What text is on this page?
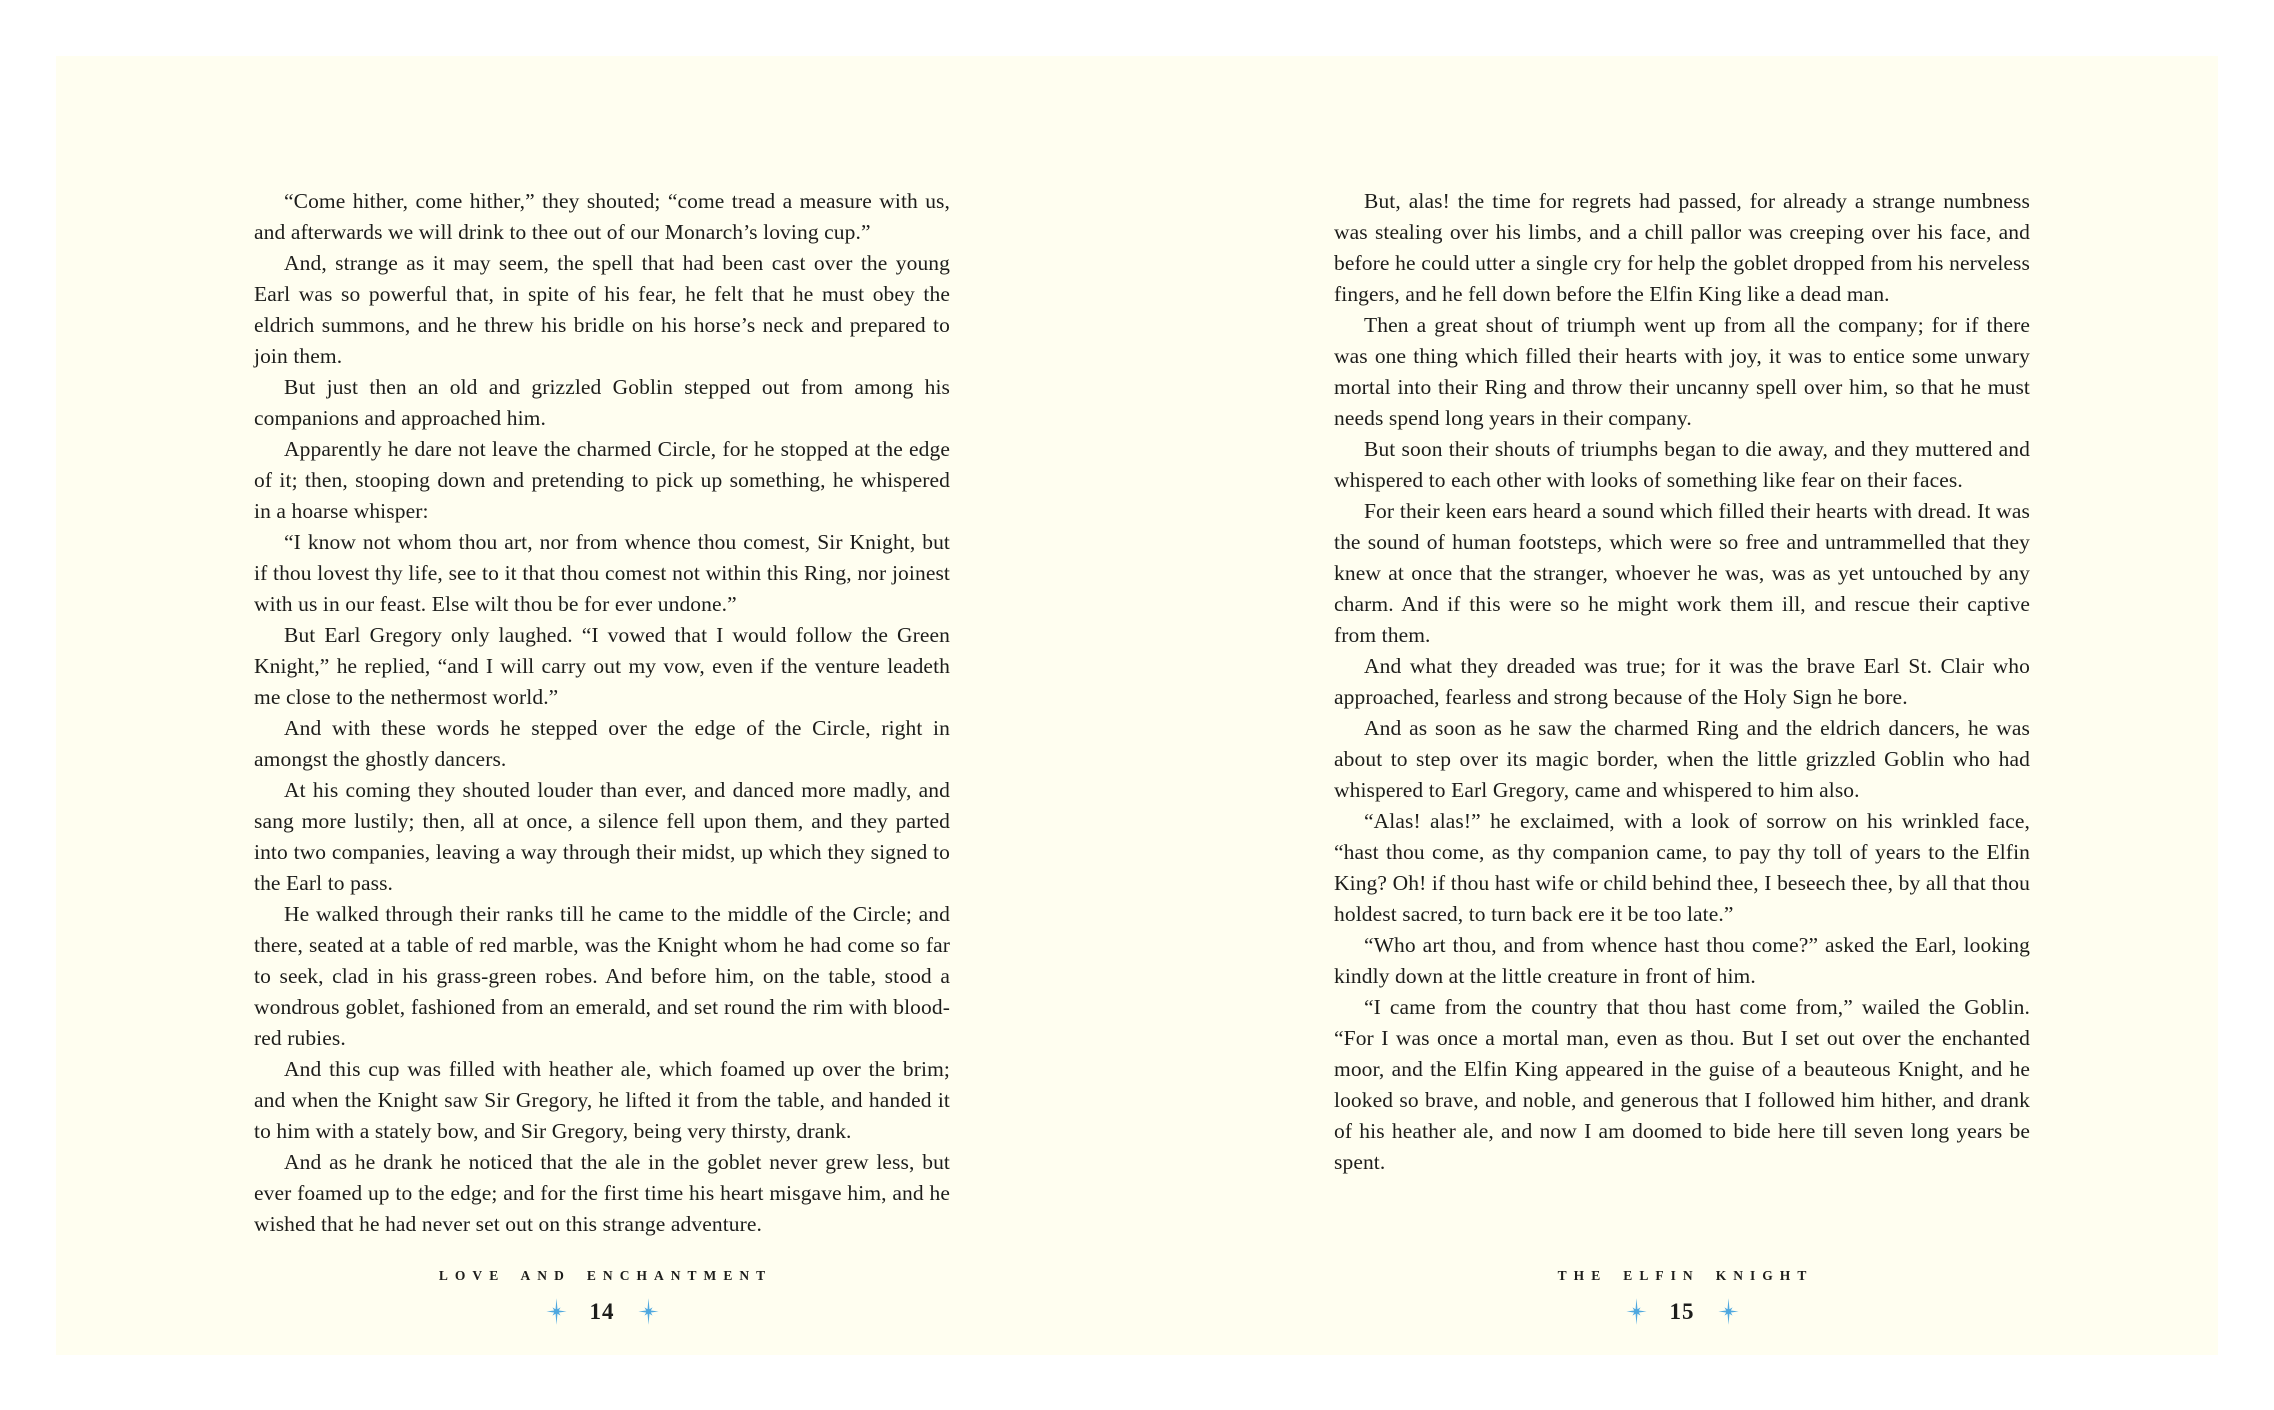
“Come hither, come hither,” they shouted; “come tread a measure with us, and afterwards we will drink to thee out of our Monarch’s loving cup.”

And, strange as it may seem, the spell that had been cast over the young Earl was so powerful that, in spite of his fear, he felt that he must obey the eldrich summons, and he threw his bridle on his horse’s neck and prepared to join them.

But just then an old and grizzled Goblin stepped out from among his companions and approached him.

Apparently he dare not leave the charmed Circle, for he stopped at the edge of it; then, stooping down and pretending to pick up something, he whispered in a hoarse whisper:

“I know not whom thou art, nor from whence thou comest, Sir Knight, but if thou lovest thy life, see to it that thou comest not within this Ring, nor joinest with us in our feast. Else wilt thou be for ever undone.”

But Earl Gregory only laughed. “I vowed that I would follow the Green Knight,” he replied, “and I will carry out my vow, even if the venture leadeth me close to the nethermost world.”

And with these words he stepped over the edge of the Circle, right in amongst the ghostly dancers.

At his coming they shouted louder than ever, and danced more madly, and sang more lustily; then, all at once, a silence fell upon them, and they parted into two companies, leaving a way through their midst, up which they signed to the Earl to pass.

He walked through their ranks till he came to the middle of the Circle; and there, seated at a table of red marble, was the Knight whom he had come so far to seek, clad in his grass-green robes. And before him, on the table, stood a wondrous goblet, fashioned from an emerald, and set round the rim with blood-red rubies.

And this cup was filled with heather ale, which foamed up over the brim; and when the Knight saw Sir Gregory, he lifted it from the table, and handed it to him with a stately bow, and Sir Gregory, being very thirsty, drank.

And as he drank he noticed that the ale in the goblet never grew less, but ever foamed up to the edge; and for the first time his heart misgave him, and he wished that he had never set out on this strange adventure.

LOVE AND ENCHANTMENT
14

But, alas! the time for regrets had passed, for already a strange numbness was stealing over his limbs, and a chill pallor was creeping over his face, and before he could utter a single cry for help the goblet dropped from his nerveless fingers, and he fell down before the Elfin King like a dead man.

Then a great shout of triumph went up from all the company; for if there was one thing which filled their hearts with joy, it was to entice some unwary mortal into their Ring and throw their uncanny spell over him, so that he must needs spend long years in their company.

But soon their shouts of triumphs began to die away, and they muttered and whispered to each other with looks of something like fear on their faces.

For their keen ears heard a sound which filled their hearts with dread. It was the sound of human footsteps, which were so free and untrammelled that they knew at once that the stranger, whoever he was, was as yet untouched by any charm. And if this were so he might work them ill, and rescue their captive from them.

And what they dreaded was true; for it was the brave Earl St. Clair who approached, fearless and strong because of the Holy Sign he bore.

And as soon as he saw the charmed Ring and the eldrich dancers, he was about to step over its magic border, when the little grizzled Goblin who had whispered to Earl Gregory, came and whispered to him also.

“Alas! alas!” he exclaimed, with a look of sorrow on his wrinkled face, “hast thou come, as thy companion came, to pay thy toll of years to the Elfin King? Oh! if thou hast wife or child behind thee, I beseech thee, by all that thou holdest sacred, to turn back ere it be too late.”

“Who art thou, and from whence hast thou come?” asked the Earl, looking kindly down at the little creature in front of him.

“I came from the country that thou hast come from,” wailed the Goblin. “For I was once a mortal man, even as thou. But I set out over the enchanted moor, and the Elfin King appeared in the guise of a beauteous Knight, and he looked so brave, and noble, and generous that I followed him hither, and drank of his heather ale, and now I am doomed to bide here till seven long years be spent.

THE ELFIN KNIGHT
15
